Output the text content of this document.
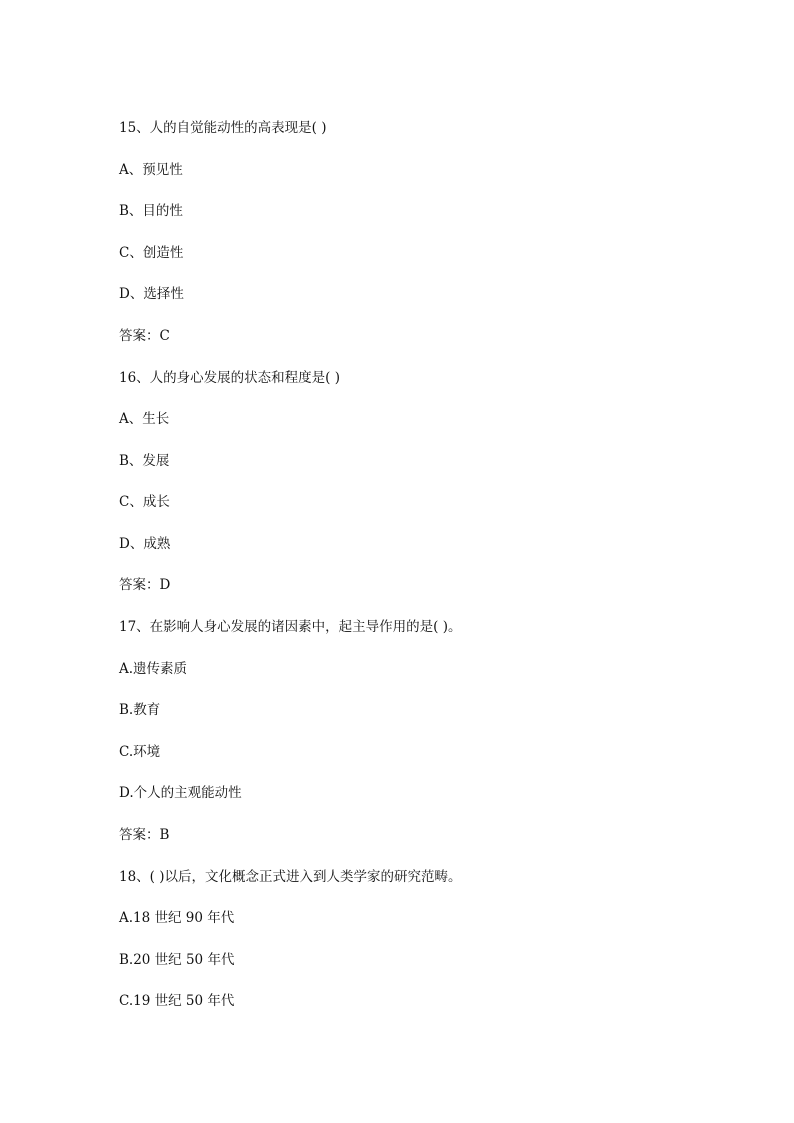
15、人的自觉能动性的高表现是( )

A、预见性

B、目的性

C、创造性

D、选择性

答案：C

16、人的身心发展的状态和程度是( )

A、生长

B、发展

C、成长

D、成熟

答案：D

17、在影响人身心发展的诸因素中，起主导作用的是( )。

A.遗传素质

B.教育

C.环境

D.个人的主观能动性

答案：B

18、( )以后，文化概念正式进入到人类学家的研究范畴。

A.18 世纪 90 年代

B.20 世纪 50 年代

C.19 世纪 50 年代
